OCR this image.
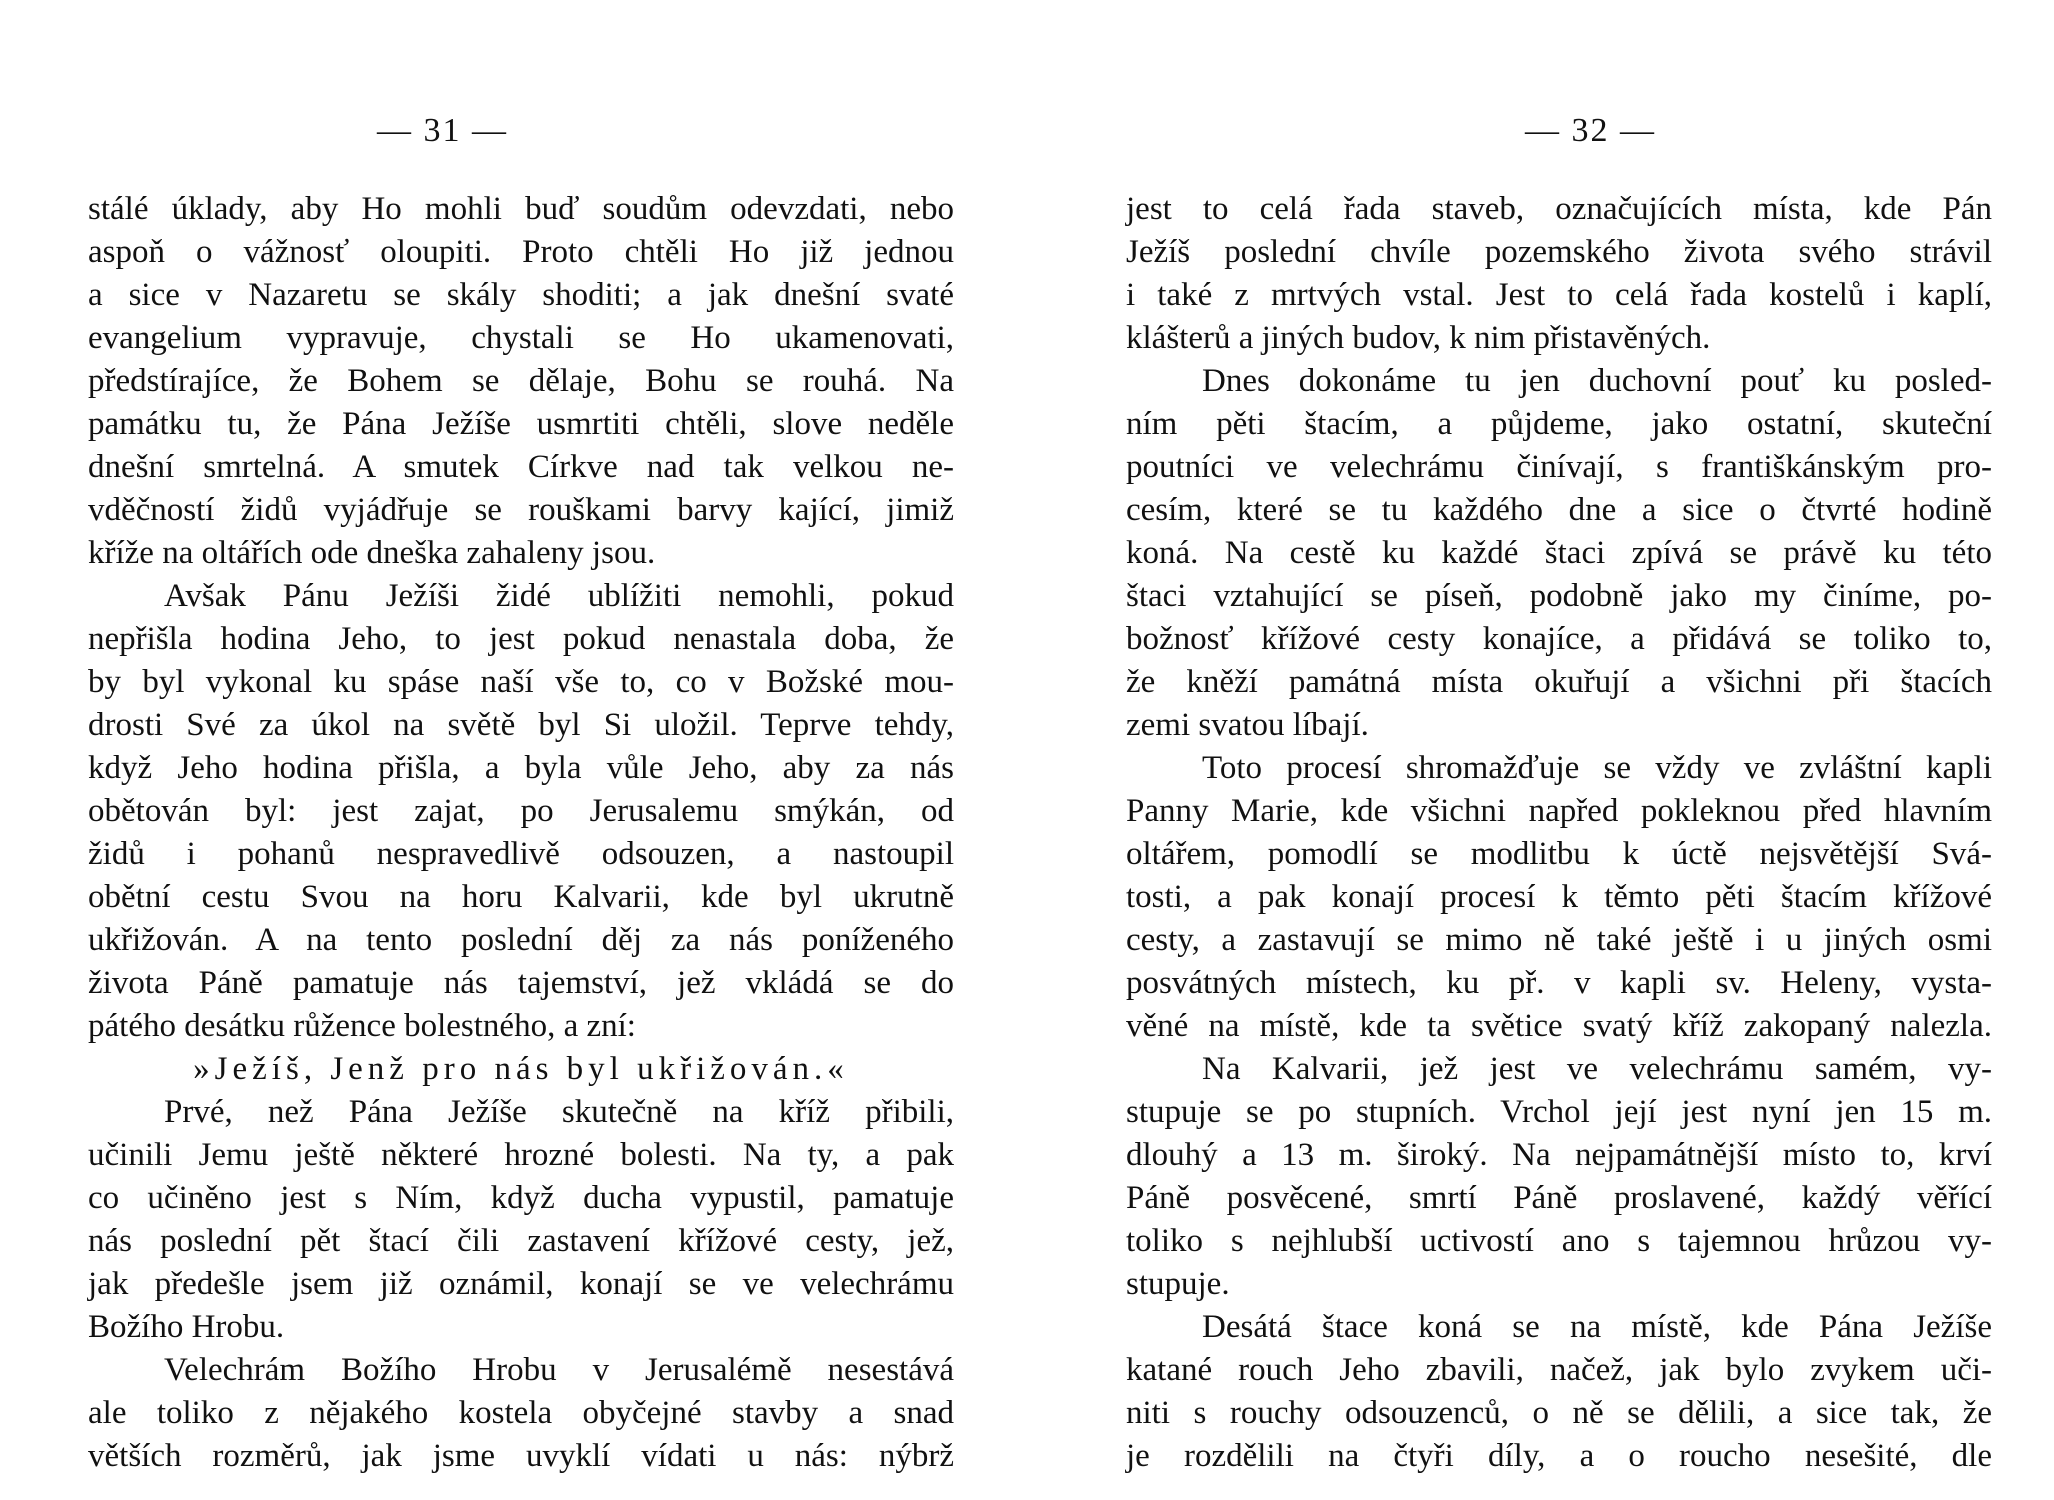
— 31 —
stálé úklady, aby Ho mohli buď soudům odevzdati, nebo
aspoň o vážnosť oloupiti. Proto chtěli Ho již jednou
a sice v Nazaretu se skály shoditi; a jak dnešní svaté
evangelium vypravuje, chystali se Ho ukamenovati,
předstírajíce, že Bohem se dělaje, Bohu se rouhá. Na
památku tu, že Pána Ježíše usmrtiti chtěli, slove neděle
dnešní smrtelná. A smutek Církve nad tak velkou ne-
vděčností židů vyjádřuje se rouškami barvy kající, jimiž
kříže na oltářích ode dneška zahaleny jsou.
Avšak Pánu Ježíši židé ublížiti nemohli, pokud
nepřišla hodina Jeho, to jest pokud nenastala doba, že
by byl vykonal ku spáse naší vše to, co v Božské mou-
drosti Své za úkol na světě byl Si uložil. Teprve tehdy,
když Jeho hodina přišla, a byla vůle Jeho, aby za nás
obětován byl: jest zajat, po Jerusalemu smýkán, od
židů i pohanů nespravedlivě odsouzen, a nastoupil
obětní cestu Svou na horu Kalvarii, kde byl ukrutně
ukřižován. A na tento poslední děj za nás poníženého
života Páně pamatuje nás tajemství, jež vkládá se do
pátého desátku růžence bolestného, a zní:
»Ježíš, Jenž pro nás byl ukřižován.«
Prvé, než Pána Ježíše skutečně na kříž přibili,
učinili Jemu ještě některé hrozné bolesti. Na ty, a pak
co učiněno jest s Ním, když ducha vypustil, pamatuje
nás poslední pět štací čili zastavení křížové cesty, jež,
jak předešle jsem již oznámil, konají se ve velechrámu
Božího Hrobu.
Velechrám Božího Hrobu v Jerusalémě nesestává
ale toliko z nějakého kostela obyčejné stavby a snad
větších rozměrů, jak jsme uvyklí vídati u nás: nýbrž
— 32 —
jest to celá řada staveb, označujících místa, kde Pán
Ježíš poslední chvíle pozemského života svého strávil
i také z mrtvých vstal. Jest to celá řada kostelů i kaplí,
klášterů a jiných budov, k nim přistavěných.
Dnes dokonáme tu jen duchovní pouť ku posled-
ním pěti štacím, a půjdeme, jako ostatní, skuteční
poutníci ve velechrámu činívají, s františkánským pro-
cesím, které se tu každého dne a sice o čtvrté hodině
koná. Na cestě ku každé štaci zpívá se právě ku této
štaci vztahující se píseň, podobně jako my činíme, po-
božnosť křížové cesty konajíce, a přidává se toliko to,
že kněží památná místa okuřují a všichni při štacích
zemi svatou líbají.
Toto procesí shromažďuje se vždy ve zvláštní kapli
Panny Marie, kde všichni napřed pokleknou před hlavním
oltářem, pomodlí se modlitbu k úctě nejsvětější Svá-
tosti, a pak konají procesí k těmto pěti štacím křížové
cesty, a zastavují se mimo ně také ještě i u jiných osmi
posvátných místech, ku př. v kapli sv. Heleny, vysta-
věné na místě, kde ta světice svatý kříž zakopaný nalezla.
Na Kalvarii, jež jest ve velechrámu samém, vy-
stupuje se po stupních. Vrchol její jest nyní jen 15 m.
dlouhý a 13 m. široký. Na nejpamátnější místo to, krví
Páně posvěcené, smrtí Páně proslavené, každý věřící
toliko s nejhlubší uctivostí ano s tajemnou hrůzou vy-
stupuje.
Desátá štace koná se na místě, kde Pána Ježíše
katané rouch Jeho zbavili, načež, jak bylo zvykem uči-
niti s rouchy odsouzenců, o ně se dělili, a sice tak, že
je rozdělili na čtyři díly, a o roucho nesešité, dle
